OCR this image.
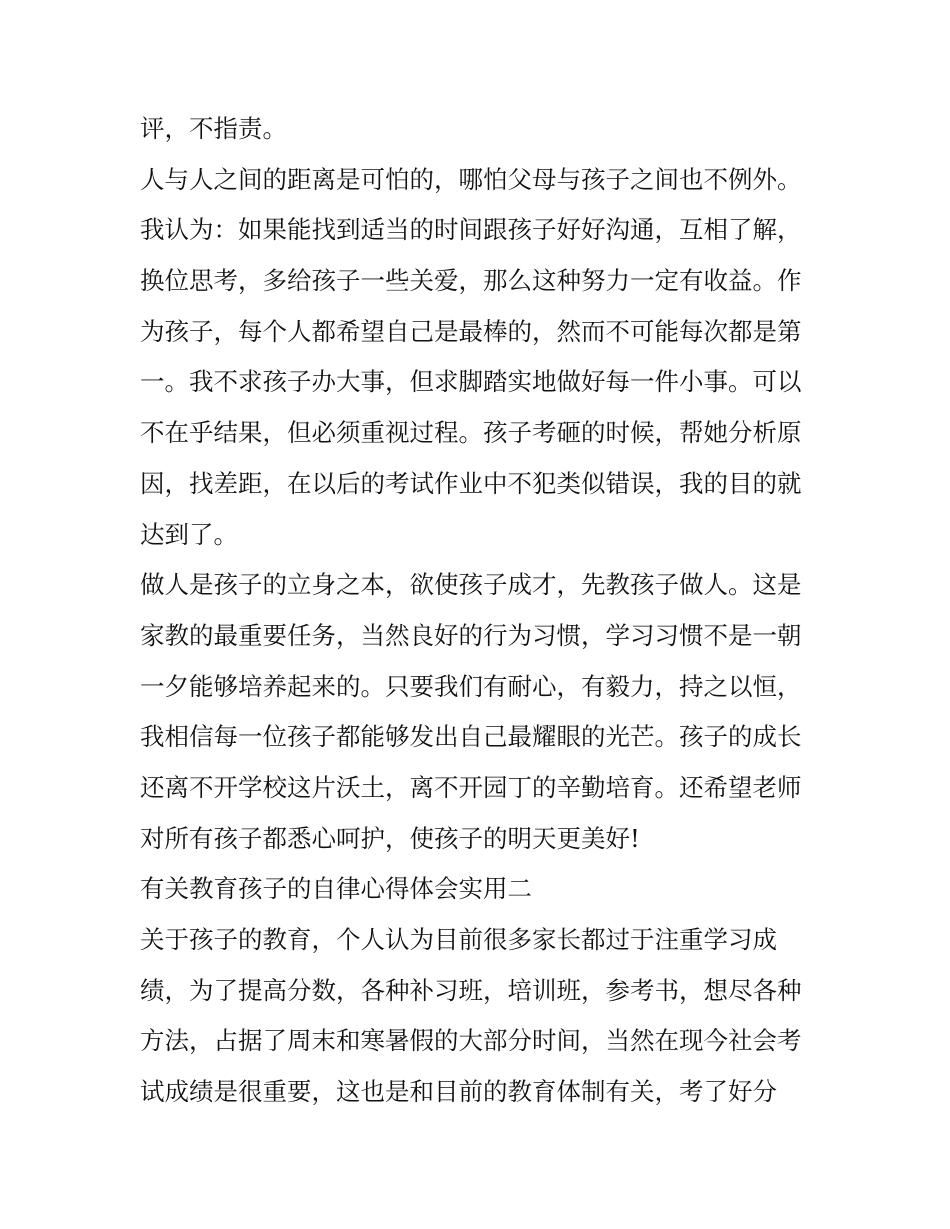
评，不指责。
人与人之间的距离是可怕的，哪怕父母与孩子之间也不例外。
我认为：如果能找到适当的时间跟孩子好好沟通，互相了解，
换位思考，多给孩子一些关爱，那么这种努力一定有收益。作
为孩子，每个人都希望自己是最棒的，然而不可能每次都是第
一。我不求孩子办大事，但求脚踏实地做好每一件小事。可以
不在乎结果，但必须重视过程。孩子考砸的时候，帮她分析原
因，找差距，在以后的考试作业中不犯类似错误，我的目的就
达到了。
做人是孩子的立身之本，欲使孩子成才，先教孩子做人。这是
家教的最重要任务，当然良好的行为习惯，学习习惯不是一朝
一夕能够培养起来的。只要我们有耐心，有毅力，持之以恒，
我相信每一位孩子都能够发出自己最耀眼的光芒。孩子的成长
还离不开学校这片沃土，离不开园丁的辛勤培育。还希望老师
对所有孩子都悉心呵护，使孩子的明天更美好!
有关教育孩子的自律心得体会实用二
关于孩子的教育，个人认为目前很多家长都过于注重学习成
绩，为了提高分数，各种补习班，培训班，参考书，想尽各种
方法，占据了周末和寒暑假的大部分时间，当然在现今社会考
试成绩是很重要，这也是和目前的教育体制有关，考了好分
